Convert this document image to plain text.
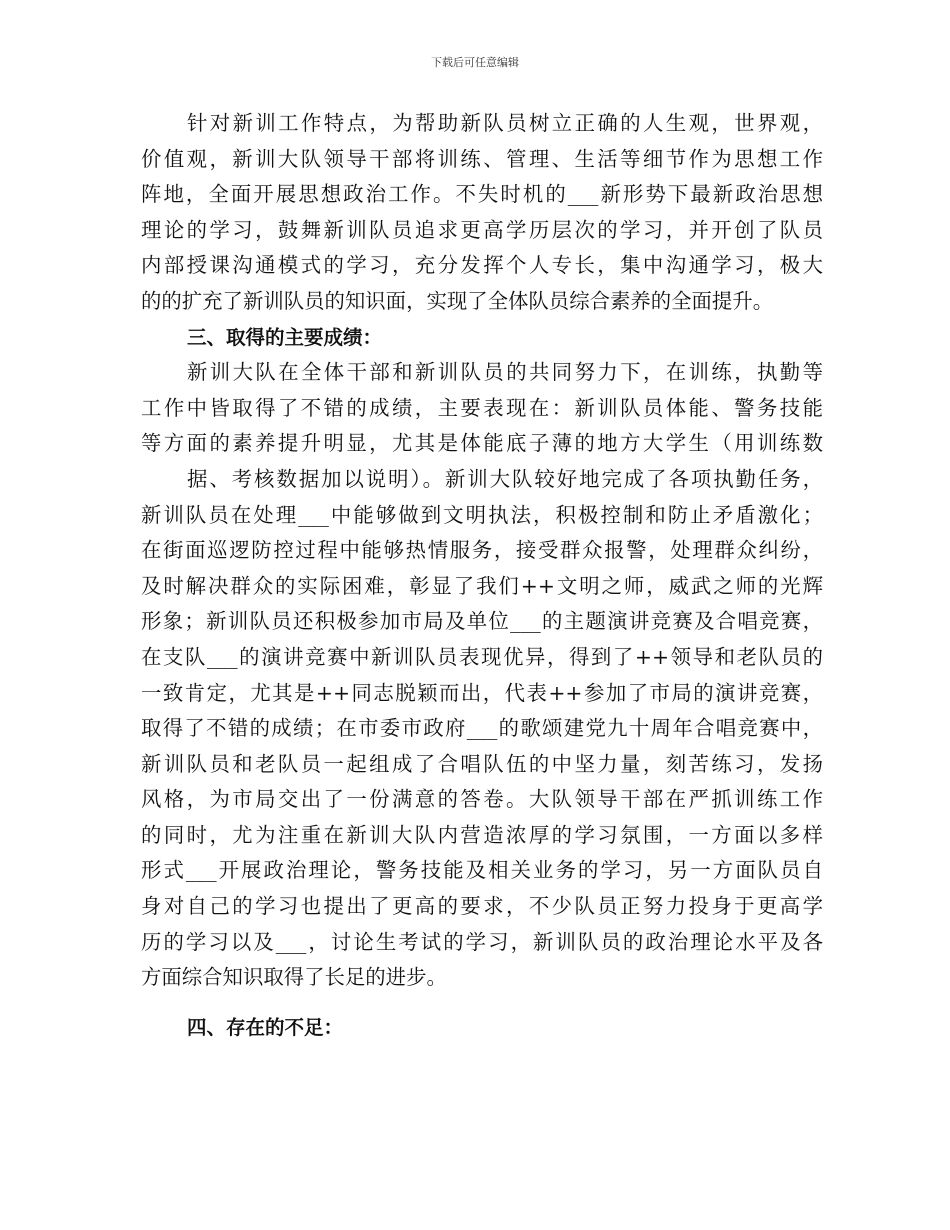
下载后可任意编辑
针对新训工作特点，为帮助新队员树立正确的人生观，世界观，
价值观，新训大队领导干部将训练、管理、生活等细节作为思想工作
阵地，全面开展思想政治工作。不失时机的___新形势下最新政治思想
理论的学习，鼓舞新训队员追求更高学历层次的学习，并开创了队员
内部授课沟通模式的学习，充分发挥个人专长，集中沟通学习，极大
的的扩充了新训队员的知识面，实现了全体队员综合素养的全面提升。
三、取得的主要成绩：
新训大队在全体干部和新训队员的共同努力下，在训练，执勤等
工作中皆取得了不错的成绩，主要表现在：新训队员体能、警务技能
等方面的素养提升明显，尤其是体能底子薄的地方大学生（用训练数
据、考核数据加以说明）。新训大队较好地完成了各项执勤任务，
新训队员在处理___中能够做到文明执法，积极控制和防止矛盾激化；
在街面巡逻防控过程中能够热情服务，接受群众报警，处理群众纠纷，
及时解决群众的实际困难，彰显了我们++文明之师，威武之师的光辉
形象；新训队员还积极参加市局及单位___的主题演讲竞赛及合唱竞赛，
在支队___的演讲竞赛中新训队员表现优异，得到了++领导和老队员的
一致肯定，尤其是++同志脱颖而出，代表++参加了市局的演讲竞赛，
取得了不错的成绩；在市委市政府___的歌颂建党九十周年合唱竞赛中，
新训队员和老队员一起组成了合唱队伍的中坚力量，刻苦练习，发扬
风格，为市局交出了一份满意的答卷。大队领导干部在严抓训练工作
的同时，尤为注重在新训大队内营造浓厚的学习氛围，一方面以多样
形式___开展政治理论，警务技能及相关业务的学习，另一方面队员自
身对自己的学习也提出了更高的要求，不少队员正努力投身于更高学
历的学习以及___，讨论生考试的学习，新训队员的政治理论水平及各
方面综合知识取得了长足的进步。
四、存在的不足：
